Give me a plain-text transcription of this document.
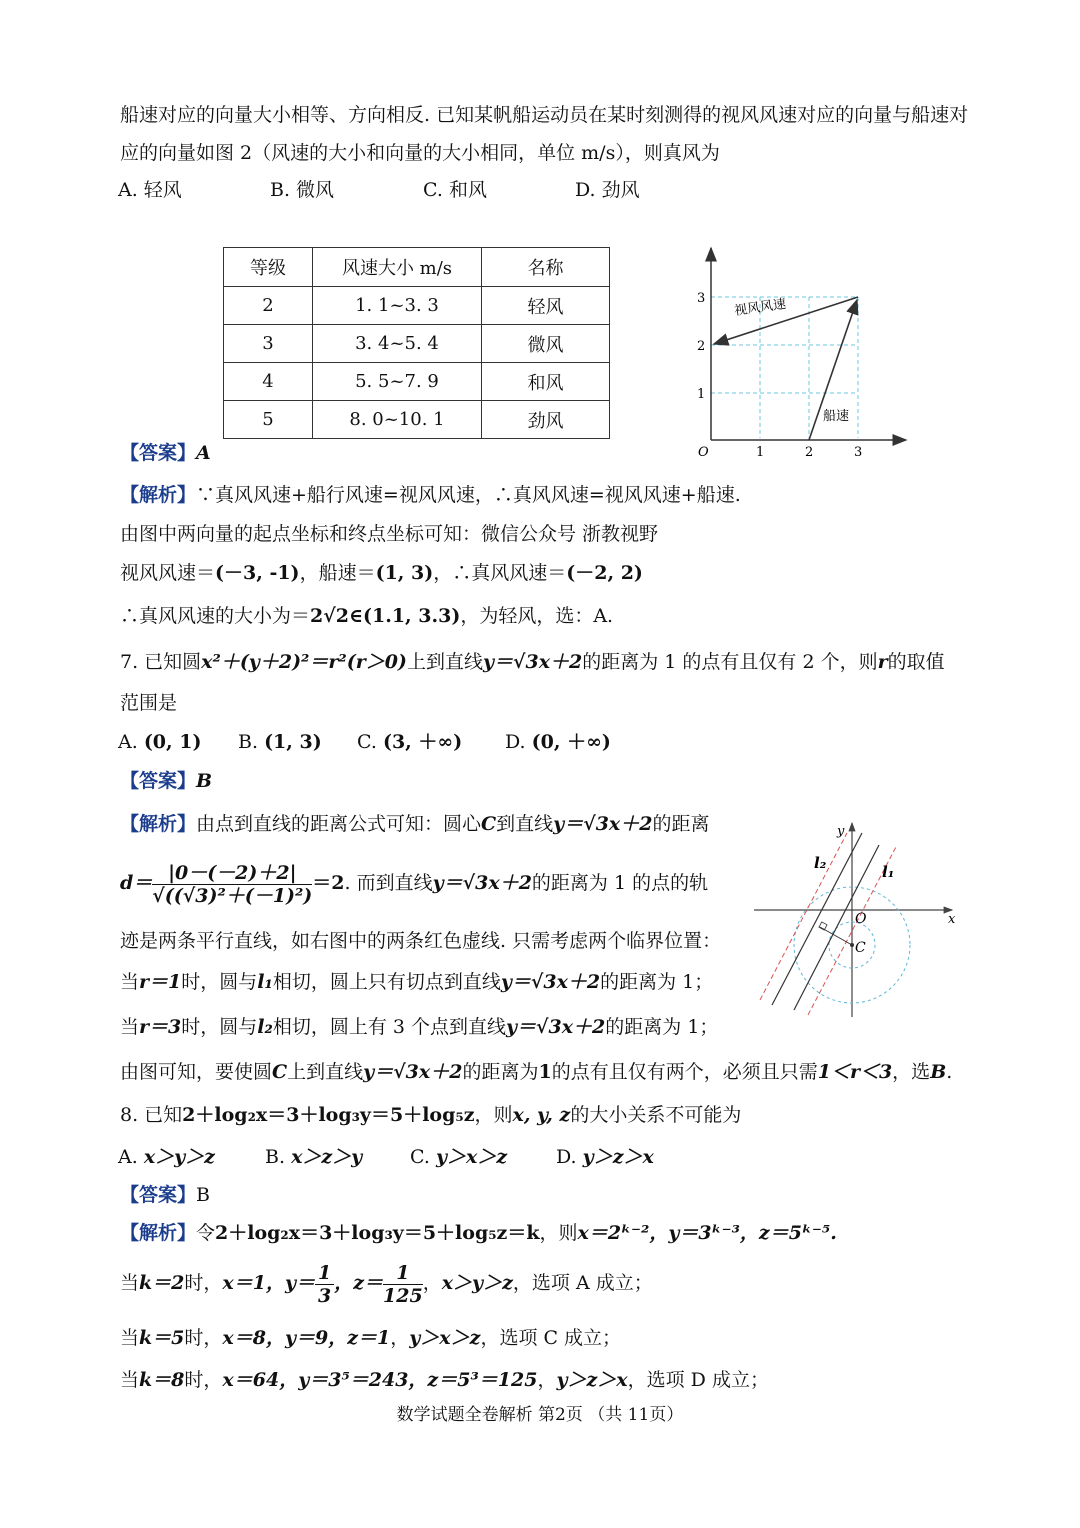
船速对应的向量大小相等、方向相反. 已知某帆船运动员在某时刻测得的视风风速对应的向量与船速对
应的向量如图 2（风速的大小和向量的大小相同，单位 m/s），则真风为
A. 轻风	B. 微风	C. 和风	D. 劲风
等级	风速大小 m/s	名称
2	1. 1~3. 3	轻风
3	3. 4~5. 4	微风
4	5. 5~7. 9	和风
5	8. 0~10. 1	劲风
O	1	2	3
1
2
3 视风风速
船速
【答案】A
【解析】∵真风风速+船行风速=视风风速，∴真风风速=视风风速+船速.
由图中两向量的起点坐标和终点坐标可知：微信公众号 浙教视野
视风风速＝(－3, -1)，船速＝(1, 3)，∴真风风速＝(－2, 2)
∴真风风速的大小为＝2√2∈(1.1, 3.3)，为轻风，选：A.
7. 已知圆x²＋(y＋2)²＝r²(r＞0)上到直线y＝√3x＋2的距离为 1 的点有且仅有 2 个，则r的取值
范围是
A. (0, 1) B. (1, 3) C. (3, ＋∞) D. (0, ＋∞)
【答案】B
【解析】由点到直线的距离公式可知：圆心C到直线y＝√3x＋2的距离
$d= \frac{|0-(-2)+2|}{\text{√((√3)²＋(－1)²)}} =2$. 而到直线y＝√3x＋2的距离为 1 的点的轨
迹是两条平行直线，如右图中的两条红色虚线. 只需考虑两个临界位置：
当r＝1时，圆与l₁相切，圆上只有切点到直线y＝√3x＋2的距离为 1；
当r＝3时，圆与l₂相切，圆上有 3 个点到直线y＝√3x＋2的距离为 1；
由图可知，要使圆C上到直线y＝√3x＋2的距离为1的点有且仅有两个，必须且只需1＜r＜3，选B.
x
y
O
C
l₂	l₁
8. 已知2＋log₂x＝3＋log₃y＝5＋log₅z，则x, y, z的大小关系不可能为
A. x＞y＞z	B. x＞z＞y	C. y＞x＞z	D. y＞z＞x
【答案】B
【解析】令2＋log₂x＝3＋log₃y＝5＋log₅z＝k，则x＝2ᵏ⁻²，y＝3ᵏ⁻³，z＝5ᵏ⁻⁵.
当k＝2时，x＝1，$y= \frac{1}{3}$ ，$z= \frac{1}{125}$ ，x＞y＞z，选项 A 成立；
当k＝5时，x＝8，y＝9，z＝1，y＞x＞z，选项 C 成立；
当k＝8时，x＝64，y＝3⁵＝243，z＝5³＝125，y＞z＞x，选项 D 成立；
数学试题全卷解析 第2页 （共 11页）
